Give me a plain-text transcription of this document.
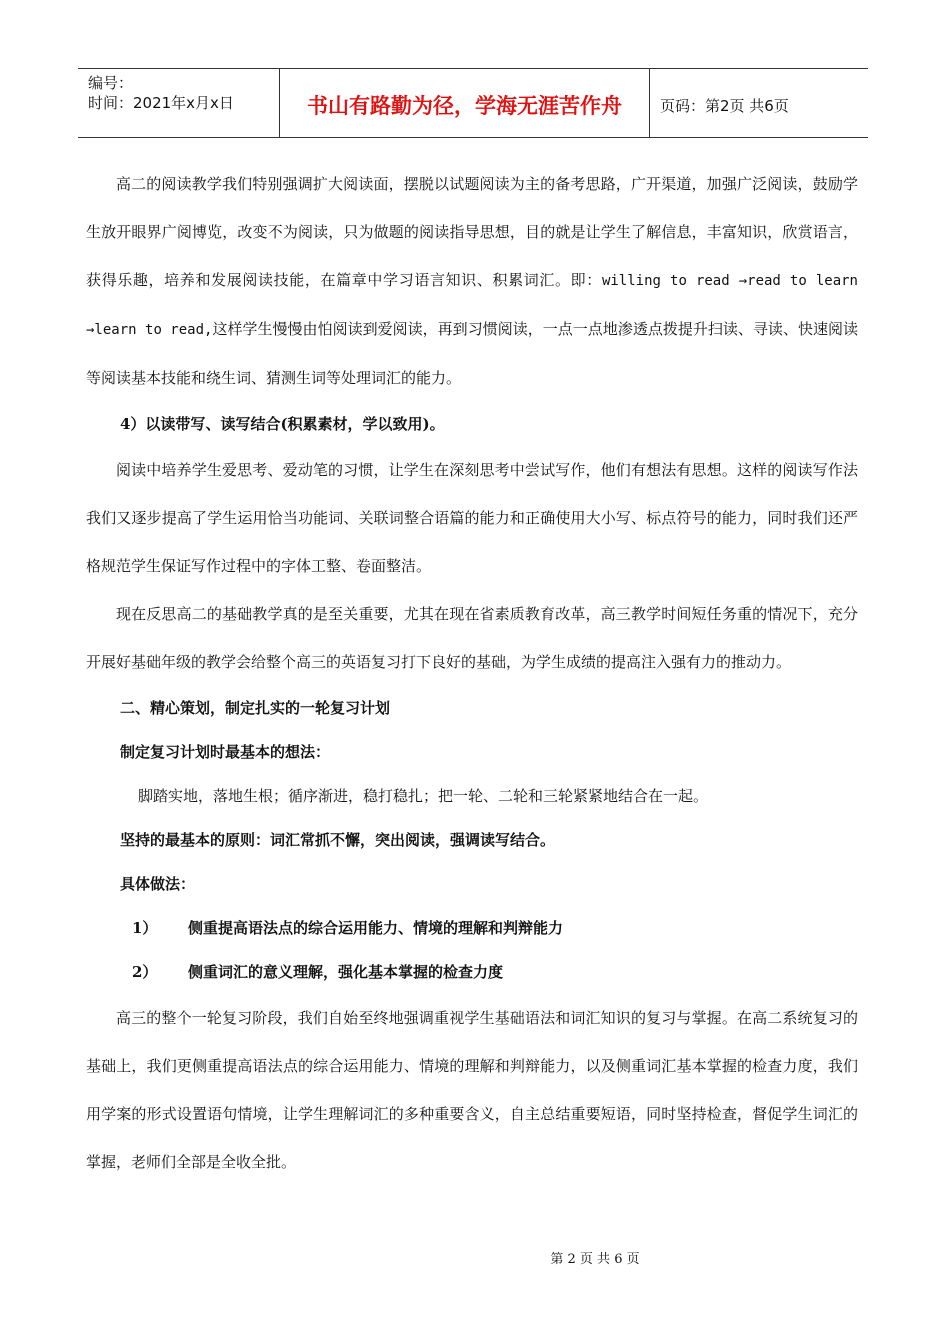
编号：
时间：2021年x月x日	书山有路勤为径，学海无涯苦作舟	页码：第2页 共6页

高二的阅读教学我们特别强调扩大阅读面，摆脱以试题阅读为主的备考思路，广开渠道，加强广泛阅读，鼓励学生放开眼界广阅博览，改变不为阅读，只为做题的阅读指导思想，目的就是让学生了解信息，丰富知识，欣赏语言，获得乐趣，培养和发展阅读技能，在篇章中学习语言知识、积累词汇。即：willing to read →read to learn →learn to read,这样学生慢慢由怕阅读到爱阅读，再到习惯阅读，一点一点地渗透点拨提升扫读、寻读、快速阅读等阅读基本技能和绕生词、猜测生词等处理词汇的能力。

4）以读带写、读写结合(积累素材，学以致用)。

阅读中培养学生爱思考、爱动笔的习惯，让学生在深刻思考中尝试写作，他们有想法有思想。这样的阅读写作法我们又逐步提高了学生运用恰当功能词、关联词整合语篇的能力和正确使用大小写、标点符号的能力，同时我们还严格规范学生保证写作过程中的字体工整、卷面整洁。

现在反思高二的基础教学真的是至关重要，尤其在现在省素质教育改革，高三教学时间短任务重的情况下，充分开展好基础年级的教学会给整个高三的英语复习打下良好的基础，为学生成绩的提高注入强有力的推动力。

二、精心策划，制定扎实的一轮复习计划

制定复习计划时最基本的想法：

脚踏实地，落地生根；循序渐进，稳打稳扎；把一轮、二轮和三轮紧紧地结合在一起。

坚持的最基本的原则：词汇常抓不懈，突出阅读，强调读写结合。

具体做法：

1） 侧重提高语法点的综合运用能力、情境的理解和判辩能力

2） 侧重词汇的意义理解，强化基本掌握的检查力度

高三的整个一轮复习阶段，我们自始至终地强调重视学生基础语法和词汇知识的复习与掌握。在高二系统复习的基础上，我们更侧重提高语法点的综合运用能力、情境的理解和判辩能力，以及侧重词汇基本掌握的检查力度，我们用学案的形式设置语句情境，让学生理解词汇的多种重要含义，自主总结重要短语，同时坚持检查，督促学生词汇的掌握，老师们全部是全收全批。

第 2 页 共 6 页
